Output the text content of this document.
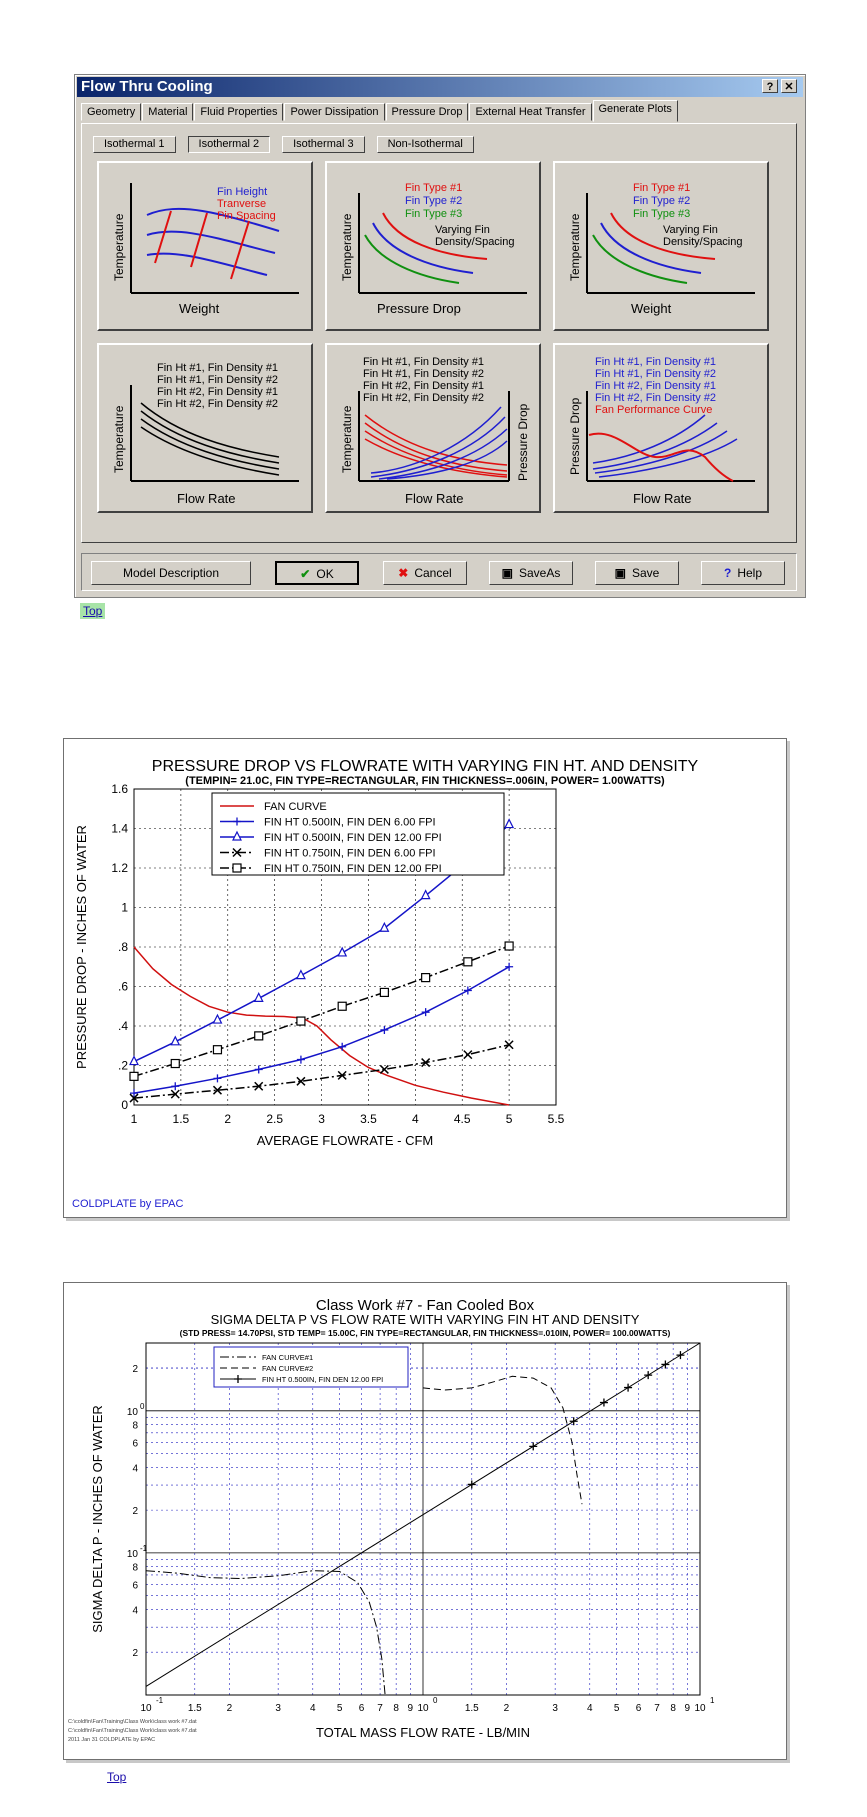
Flow Thru Cooling	?	✕
Geometry	Material	Fluid Properties	Power Dissipation	Pressure Drop	External Heat Transfer	Generate Plots
Isothermal 1	Isothermal 2	Isothermal 3	Non-Isothermal
Fin Height
Tranverse
Pin Spacing
Weight
Temperature
Fin Type #1
Fin Type #2
Fin Type #3
Varying Fin
Density/Spacing
Pressure Drop
Temperature
Fin Type #1
Fin Type #2
Fin Type #3
Varying Fin
Density/Spacing
Weight
Temperature
Fin Ht #1, Fin Density #1
Fin Ht #1, Fin Density #2
Fin Ht #2, Fin Density #1
Fin Ht #2, Fin Density #2
Flow Rate
Temperature
Fin Ht #1, Fin Density #1
Fin Ht #1, Fin Density #2
Fin Ht #2, Fin Density #1
Fin Ht #2, Fin Density #2
Flow Rate
Temperature	Pressure Drop
Fin Ht #1, Fin Density #1
Fin Ht #1, Fin Density #2
Fin Ht #2, Fin Density #1
Fin Ht #2, Fin Density #2
Fan Performance Curve
Flow Rate
Pressure Drop
Model Description	✔ OK	✖ Cancel	▣ SaveAs	▣ Save	? Help
Top
PRESSURE DROP VS FLOWRATE WITH VARYING FIN HT. AND DENSITY
(TEMPIN= 21.0C, FIN TYPE=RECTANGULAR, FIN THICKNESS=.006IN, POWER= 1.00WATTS)
1	1.5	2	2.5	3	3.5	4	4.5	5	5.5
0
.2
.4
.6
.8
1
1.2
1.4
1.6
AVERAGE FLOWRATE - CFM
PRESSURE DROP - INCHES OF WATER
COLDPLATE by EPAC
FAN CURVE
FIN HT 0.500IN, FIN DEN 6.00 FPI
FIN HT 0.500IN, FIN DEN 12.00 FPI
FIN HT 0.750IN, FIN DEN 6.00 FPI
FIN HT 0.750IN, FIN DEN 12.00 FPI
Class Work #7 - Fan Cooled Box
SIGMA DELTA P VS FLOW RATE WITH VARYING FIN HT AND DENSITY
(STD PRESS= 14.70PSI, STD TEMP= 15.00C, FIN TYPE=RECTANGULAR, FIN THICKNESS=.010IN, POWER= 100.00WATTS)
10	1.5 2	3	4 5 6 7 8 9 10	1.5 2	3	4 5 6 7 8 9 10
-1	0	1
2
4
6
8
10
2
4
6
8
10
2
-1
0
TOTAL MASS FLOW RATE - LB/MIN
SIGMA DELTA P - INCHES OF WATER
C:\coldfin\Fan\Training\Class Work\class work #7.dat
C:\coldfin\Fan\Training\Class Work\class work #7.dat
2011 Jan 31 COLDPLATE by EPAC
FAN CURVE#1
FAN CURVE#2
FIN HT 0.500IN, FIN DEN 12.00 FPI
Top
